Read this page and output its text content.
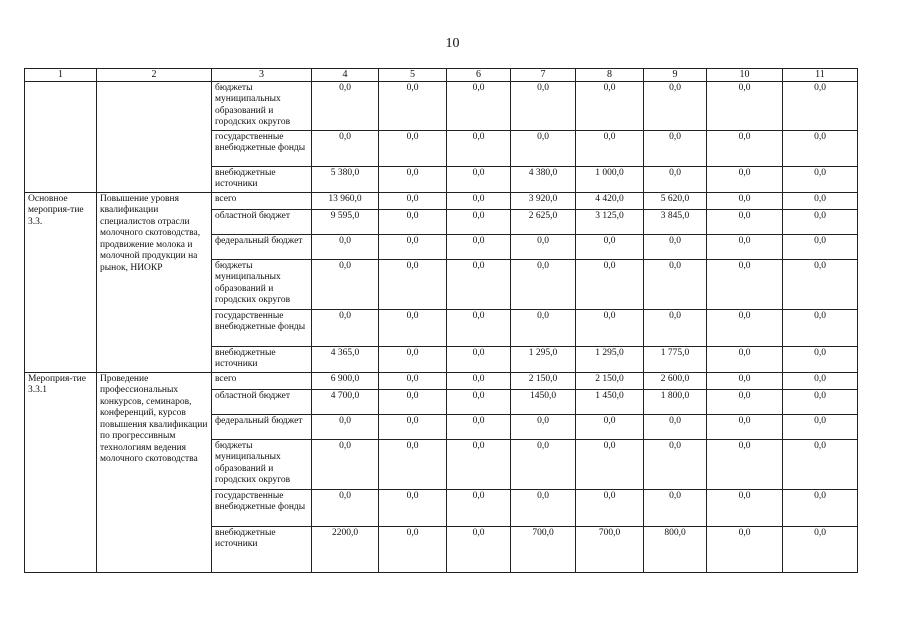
10
1	2	3	4	5	6	7	8	9	10	11
		бюджеты муниципальных образований и городских округов	0,0	0,0	0,0	0,0	0,0	0,0	0,0	0,0
		государственные внебюджетные фонды	0,0	0,0	0,0	0,0	0,0	0,0	0,0	0,0
		внебюджетные источники	5 380,0	0,0	0,0	4 380,0	1 000,0	0,0	0,0	0,0
Основное мероприя-тие 3.3.	Повышение уровня квалификации специалистов отрасли молочного скотоводства, продвижение молока и молочной продукции на рынок, НИОКР	всего	13 960,0	0,0	0,0	3 920,0	4 420,0	5 620,0	0,0	0,0
		областной бюджет	9 595,0	0,0	0,0	2 625,0	3 125,0	3 845,0	0,0	0,0
		федеральный бюджет	0,0	0,0	0,0	0,0	0,0	0,0	0,0	0,0
		бюджеты муниципальных образований и городских округов	0,0	0,0	0,0	0,0	0,0	0,0	0,0	0,0
		государственные внебюджетные фонды	0,0	0,0	0,0	0,0	0,0	0,0	0,0	0,0
		внебюджетные источники	4 365,0	0,0	0,0	1 295,0	1 295,0	1 775,0	0,0	0,0
Мероприя-тие 3.3.1	Проведение профессиональных конкурсов, семинаров, конференций, курсов повышения квалификации по прогрессивным технологиям ведения молочного скотоводства	всего	6 900,0	0,0	0,0	2 150,0	2 150,0	2 600,0	0,0	0,0
		областной бюджет	4 700,0	0,0	0,0	1450,0	1 450,0	1 800,0	0,0	0,0
		федеральный бюджет	0,0	0,0	0,0	0,0	0,0	0,0	0,0	0,0
		бюджеты муниципальных образований и городских округов	0,0	0,0	0,0	0,0	0,0	0,0	0,0	0,0
		государственные внебюджетные фонды	0,0	0,0	0,0	0,0	0,0	0,0	0,0	0,0
		внебюджетные источники	2200,0	0,0	0,0	700,0	700,0	800,0	0,0	0,0
